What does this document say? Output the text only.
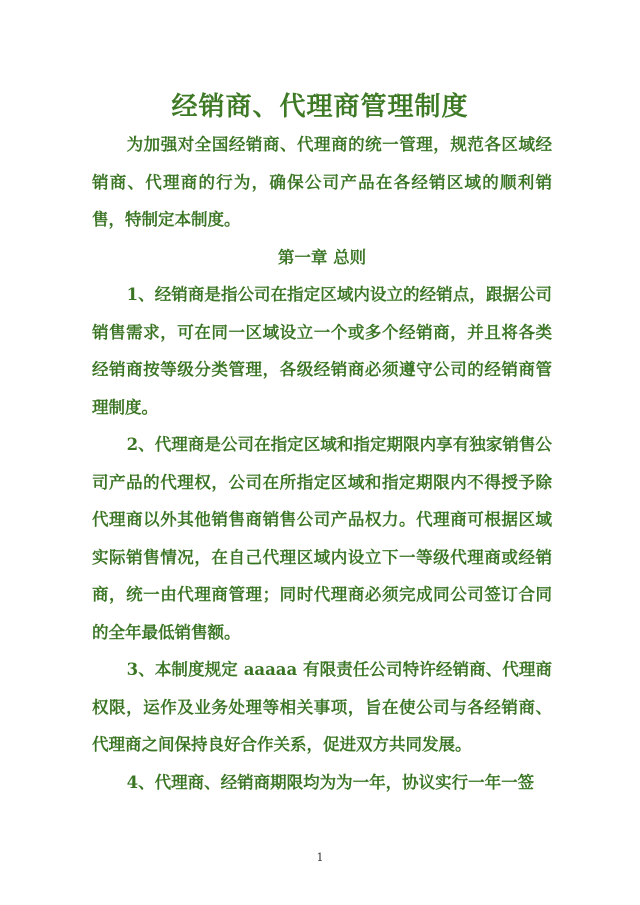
经销商、代理商管理制度

为加强对全国经销商、代理商的统一管理，规范各区域经销商、代理商的行为，确保公司产品在各经销区域的顺利销售，特制定本制度。

第一章 总则

1、经销商是指公司在指定区域内设立的经销点，跟据公司销售需求，可在同一区域设立一个或多个经销商，并且将各类经销商按等级分类管理，各级经销商必须遵守公司的经销商管理制度。

2、代理商是公司在指定区域和指定期限内享有独家销售公司产品的代理权，公司在所指定区域和指定期限内不得授予除代理商以外其他销售商销售公司产品权力。代理商可根据区域实际销售情况，在自己代理区域内设立下一等级代理商或经销商，统一由代理商管理；同时代理商必须完成同公司签订合同的全年最低销售额。

3、本制度规定 aaaaa 有限责任公司特许经销商、代理商权限，运作及业务处理等相关事项，旨在使公司与各经销商、代理商之间保持良好合作关系，促进双方共同发展。

4、代理商、经销商期限均为为一年，协议实行一年一签

1
